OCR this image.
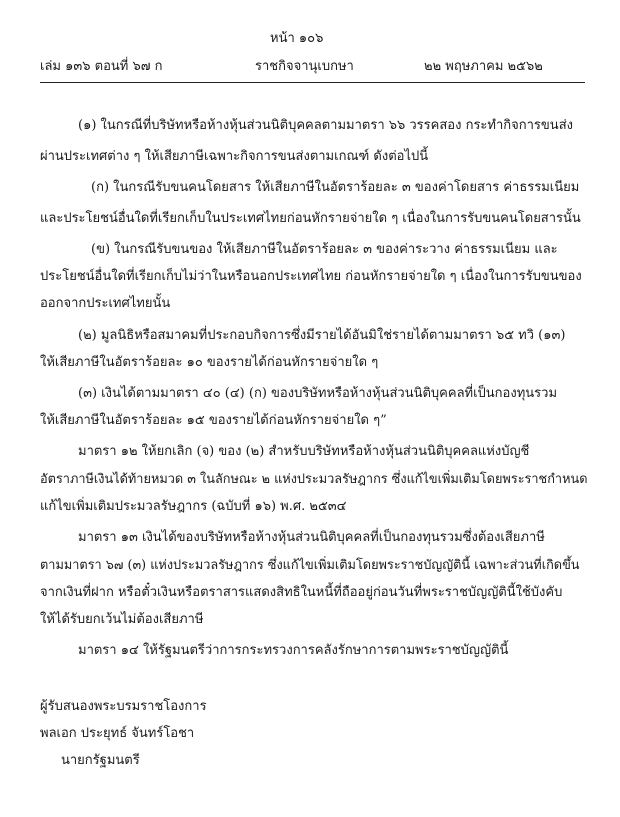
หน้า ๑๐๖
เล่ม ๑๓๖ ตอนที่ ๖๗ ก	ราชกิจจานุเบกษา	๒๒ พฤษภาคม ๒๕๖๒
(๑) ในกรณีที่บริษัทหรือห้างหุ้นส่วนนิติบุคคลตามมาตรา ๖๖ วรรคสอง กระทำกิจการขนส่ง
ผ่านประเทศต่าง ๆ ให้เสียภาษีเฉพาะกิจการขนส่งตามเกณฑ์ ดังต่อไปนี้
(ก) ในกรณีรับขนคนโดยสาร ให้เสียภาษีในอัตราร้อยละ ๓ ของค่าโดยสาร ค่าธรรมเนียม
และประโยชน์อื่นใดที่เรียกเก็บในประเทศไทยก่อนหักรายจ่ายใด ๆ เนื่องในการรับขนคนโดยสารนั้น
(ข) ในกรณีรับขนของ ให้เสียภาษีในอัตราร้อยละ ๓ ของค่าระวาง ค่าธรรมเนียม และ
ประโยชน์อื่นใดที่เรียกเก็บไม่ว่าในหรือนอกประเทศไทย ก่อนหักรายจ่ายใด ๆ เนื่องในการรับขนของ
ออกจากประเทศไทยนั้น
(๒) มูลนิธิหรือสมาคมที่ประกอบกิจการซึ่งมีรายได้อันมิใช่รายได้ตามมาตรา ๖๕ ทวิ (๑๓)
ให้เสียภาษีในอัตราร้อยละ ๑๐ ของรายได้ก่อนหักรายจ่ายใด ๆ
(๓) เงินได้ตามมาตรา ๔๐ (๔) (ก) ของบริษัทหรือห้างหุ้นส่วนนิติบุคคลที่เป็นกองทุนรวม
ให้เสียภาษีในอัตราร้อยละ ๑๕ ของรายได้ก่อนหักรายจ่ายใด ๆ”
มาตรา ๑๒ ให้ยกเลิก (จ) ของ (๒) สำหรับบริษัทหรือห้างหุ้นส่วนนิติบุคคลแห่งบัญชี
อัตราภาษีเงินได้ท้ายหมวด ๓ ในลักษณะ ๒ แห่งประมวลรัษฎากร ซึ่งแก้ไขเพิ่มเติมโดยพระราชกำหนด
แก้ไขเพิ่มเติมประมวลรัษฎากร (ฉบับที่ ๑๖) พ.ศ. ๒๕๓๔
มาตรา ๑๓ เงินได้ของบริษัทหรือห้างหุ้นส่วนนิติบุคคลที่เป็นกองทุนรวมซึ่งต้องเสียภาษี
ตามมาตรา ๖๗ (๓) แห่งประมวลรัษฎากร ซึ่งแก้ไขเพิ่มเติมโดยพระราชบัญญัตินี้ เฉพาะส่วนที่เกิดขึ้น
จากเงินที่ฝาก หรือตั๋วเงินหรือตราสารแสดงสิทธิในหนี้ที่ถืออยู่ก่อนวันที่พระราชบัญญัตินี้ใช้บังคับ
ให้ได้รับยกเว้นไม่ต้องเสียภาษี
มาตรา ๑๔ ให้รัฐมนตรีว่าการกระทรวงการคลังรักษาการตามพระราชบัญญัตินี้
ผู้รับสนองพระบรมราชโองการ
พลเอก ประยุทธ์ จันทร์โอชา
นายกรัฐมนตรี
